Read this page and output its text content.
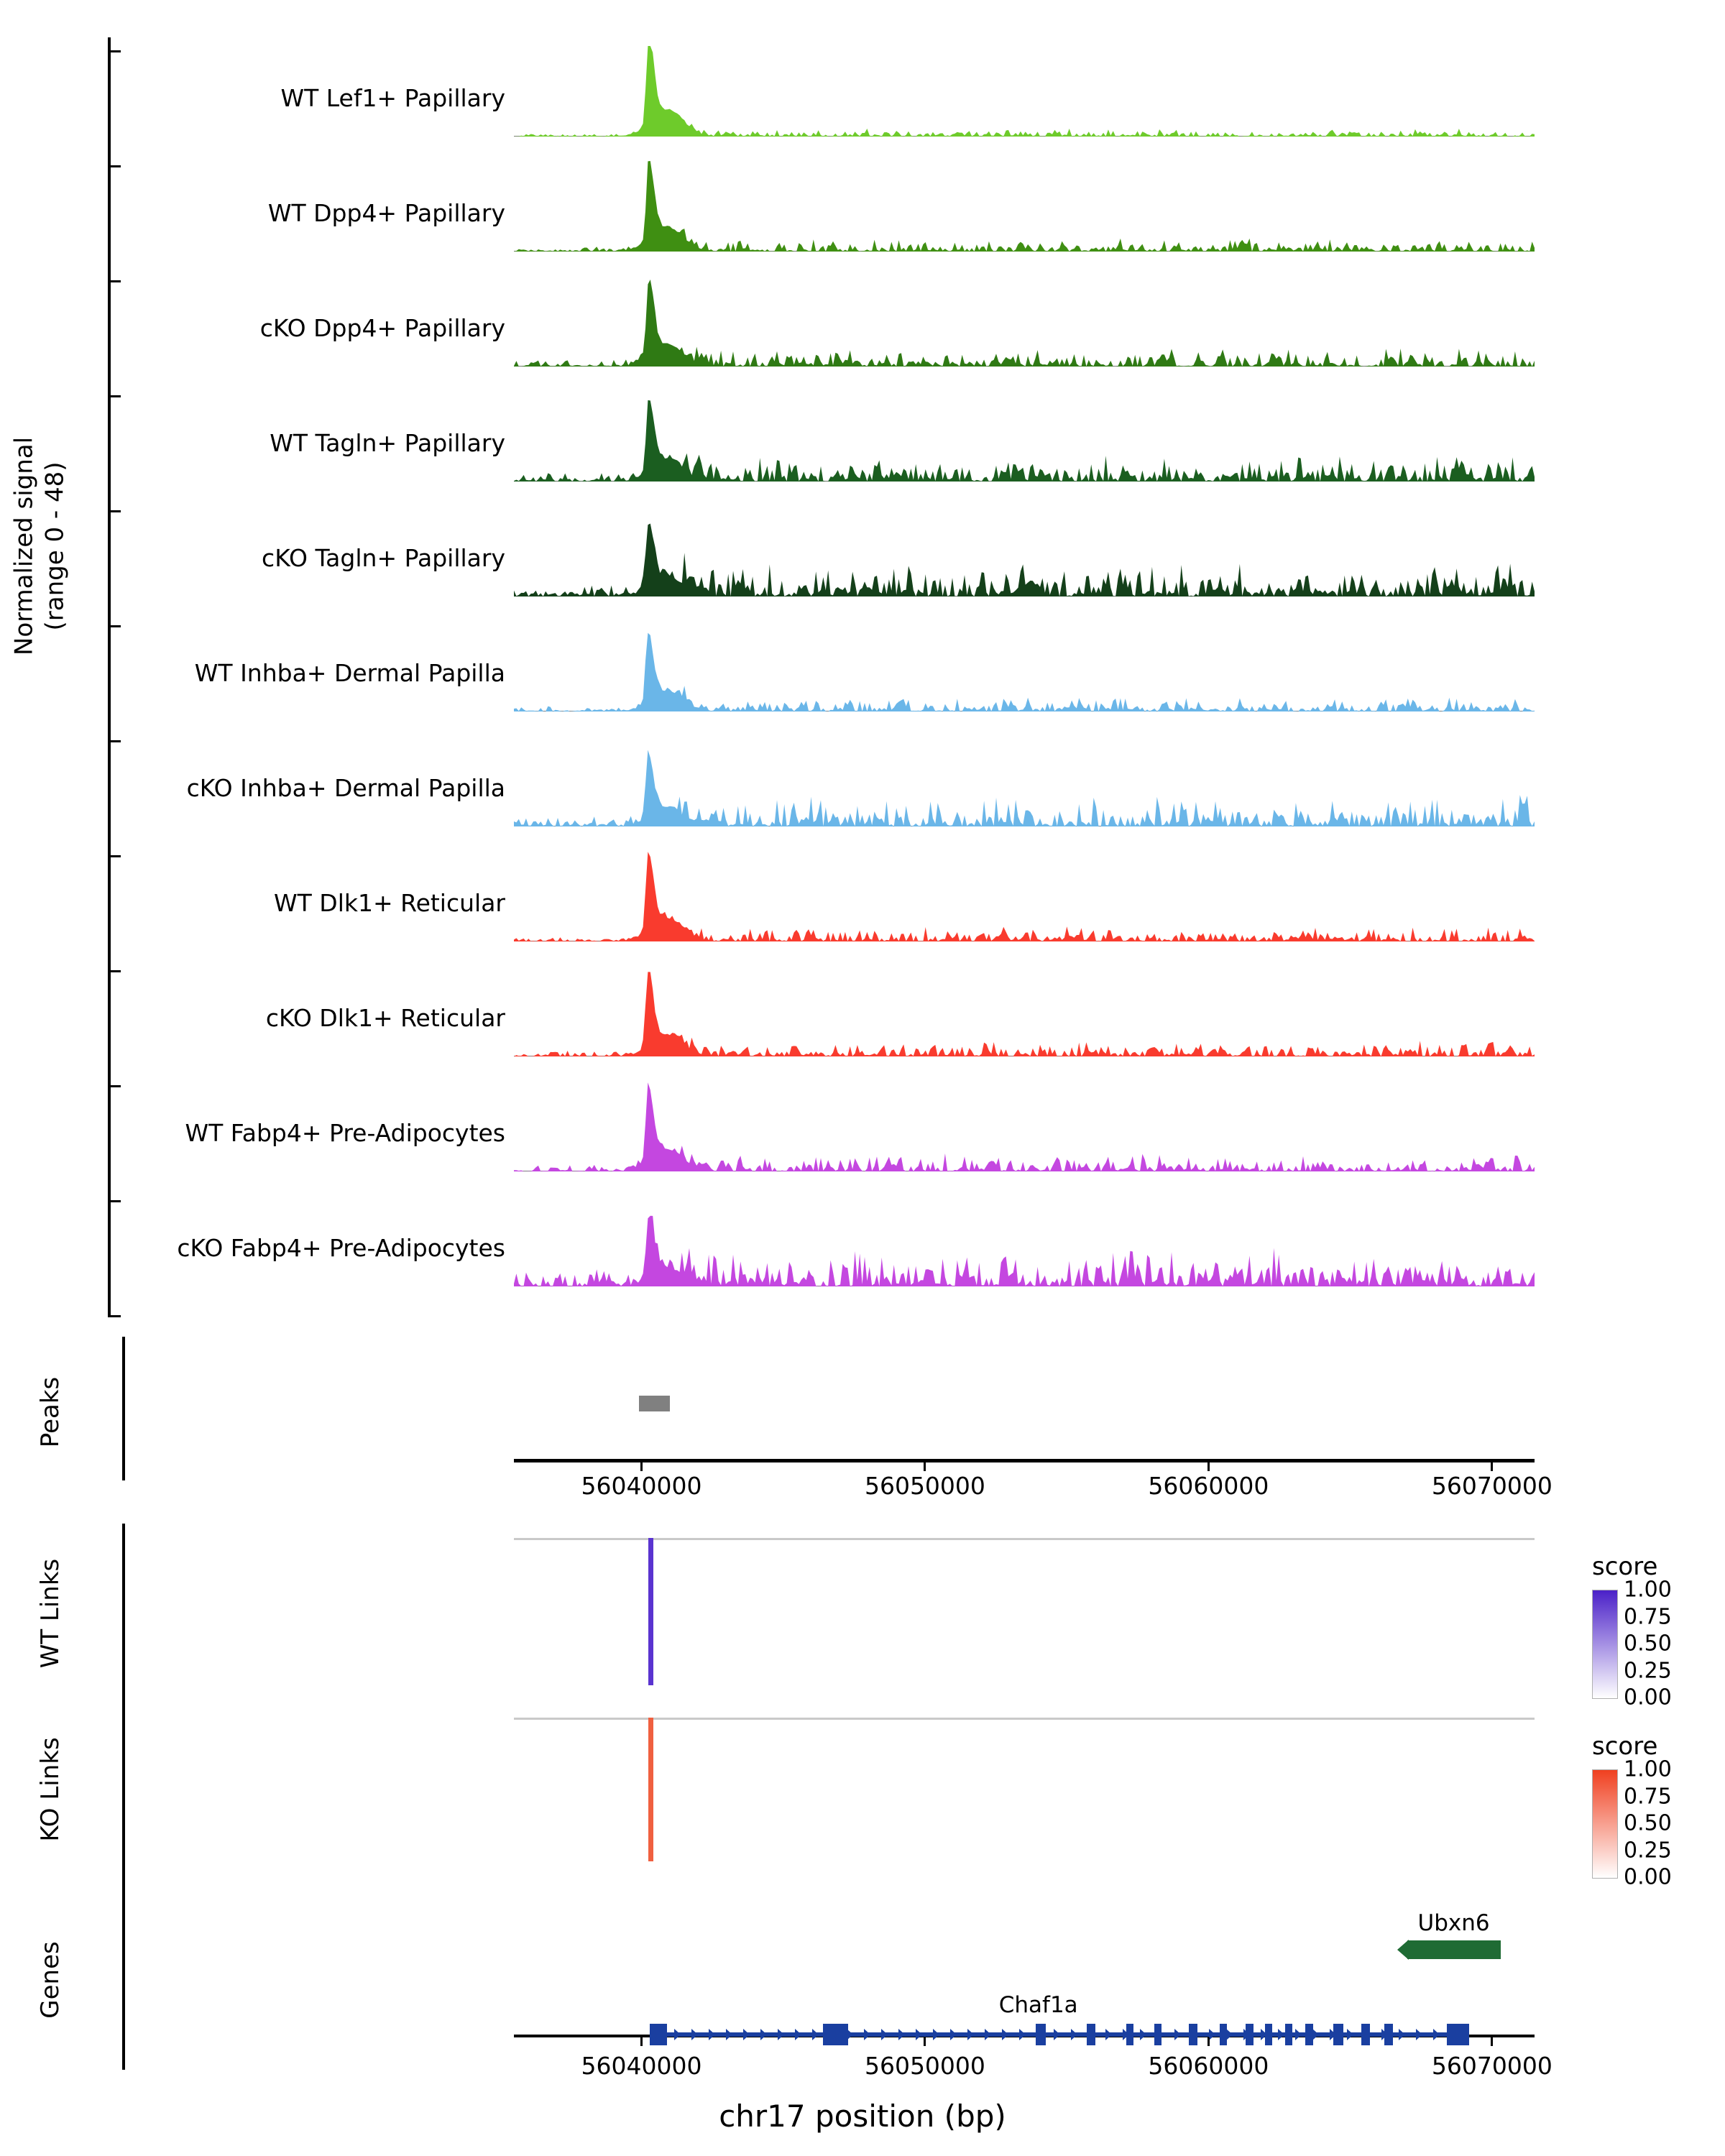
Normalized signal (range 0 - 48)
WT Lef1+ Papillary
WT Dpp4+ Papillary
cKO Dpp4+ Papillary
WT Tagln+ Papillary
cKO Tagln+ Papillary
WT Inhba+ Dermal Papilla
cKO Inhba+ Dermal Papilla
WT Dlk1+ Reticular
cKO Dlk1+ Reticular
WT Fabp4+ Pre-Adipocytes
cKO Fabp4+ Pre-Adipocytes
Peaks
56040000	56050000	56060000	56070000
WT Links	score
1.00
0.75
0.50
0.25
0.00
KO Links	score
1.00
0.75
0.50
0.25
0.00
Genes
Ubxn6
Chaf1a
56040000	56050000	56060000	56070000
chr17 position (bp)
